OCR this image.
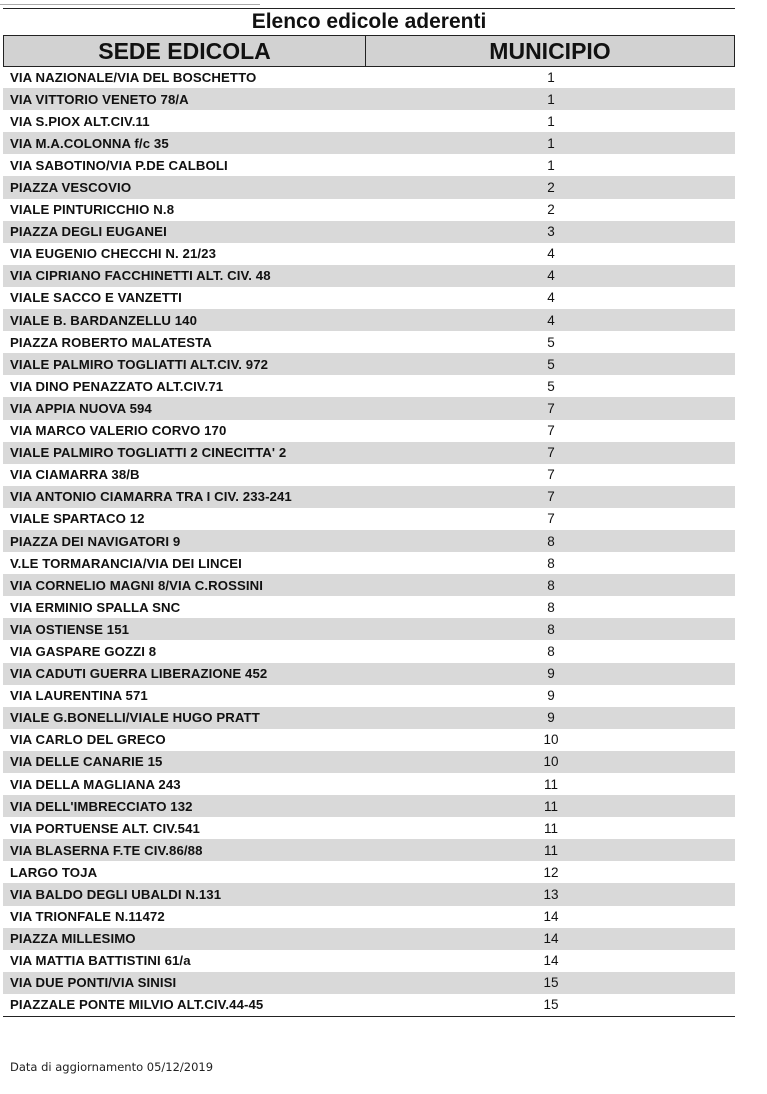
Elenco edicole aderenti
SEDE EDICOLA	MUNICIPIO
VIA NAZIONALE/VIA DEL BOSCHETTO	1
VIA VITTORIO VENETO 78/A	1
VIA S.PIOX ALT.CIV.11	1
VIA M.A.COLONNA f/c 35	1
VIA SABOTINO/VIA P.DE CALBOLI	1
PIAZZA VESCOVIO	2
VIALE PINTURICCHIO N.8	2
PIAZZA DEGLI EUGANEI	3
VIA EUGENIO CHECCHI N. 21/23	4
VIA CIPRIANO FACCHINETTI ALT. CIV. 48	4
VIALE SACCO E VANZETTI	4
VIALE B. BARDANZELLU 140	4
PIAZZA ROBERTO MALATESTA	5
VIALE PALMIRO TOGLIATTI ALT.CIV. 972	5
VIA DINO PENAZZATO ALT.CIV.71	5
VIA APPIA NUOVA 594	7
VIA MARCO VALERIO CORVO 170	7
VIALE PALMIRO TOGLIATTI 2 CINECITTA' 2	7
VIA CIAMARRA 38/B	7
VIA ANTONIO CIAMARRA TRA I CIV. 233-241	7
VIALE SPARTACO 12	7
PIAZZA DEI NAVIGATORI 9	8
V.LE TORMARANCIA/VIA DEI LINCEI	8
VIA CORNELIO MAGNI 8/VIA C.ROSSINI	8
VIA ERMINIO SPALLA SNC	8
VIA OSTIENSE 151	8
VIA GASPARE GOZZI 8	8
VIA CADUTI GUERRA LIBERAZIONE 452	9
VIA LAURENTINA 571	9
VIALE G.BONELLI/VIALE HUGO PRATT	9
VIA CARLO DEL GRECO	10
VIA DELLE CANARIE 15	10
VIA DELLA MAGLIANA 243	11
VIA DELL'IMBRECCIATO 132	11
VIA PORTUENSE ALT. CIV.541	11
VIA BLASERNA F.TE CIV.86/88	11
LARGO TOJA	12
VIA BALDO DEGLI UBALDI N.131	13
VIA TRIONFALE N.11472	14
PIAZZA MILLESIMO	14
VIA MATTIA BATTISTINI 61/a	14
VIA DUE PONTI/VIA SINISI	15
PIAZZALE PONTE MILVIO ALT.CIV.44-45	15
Data di aggiornamento 05/12/2019
